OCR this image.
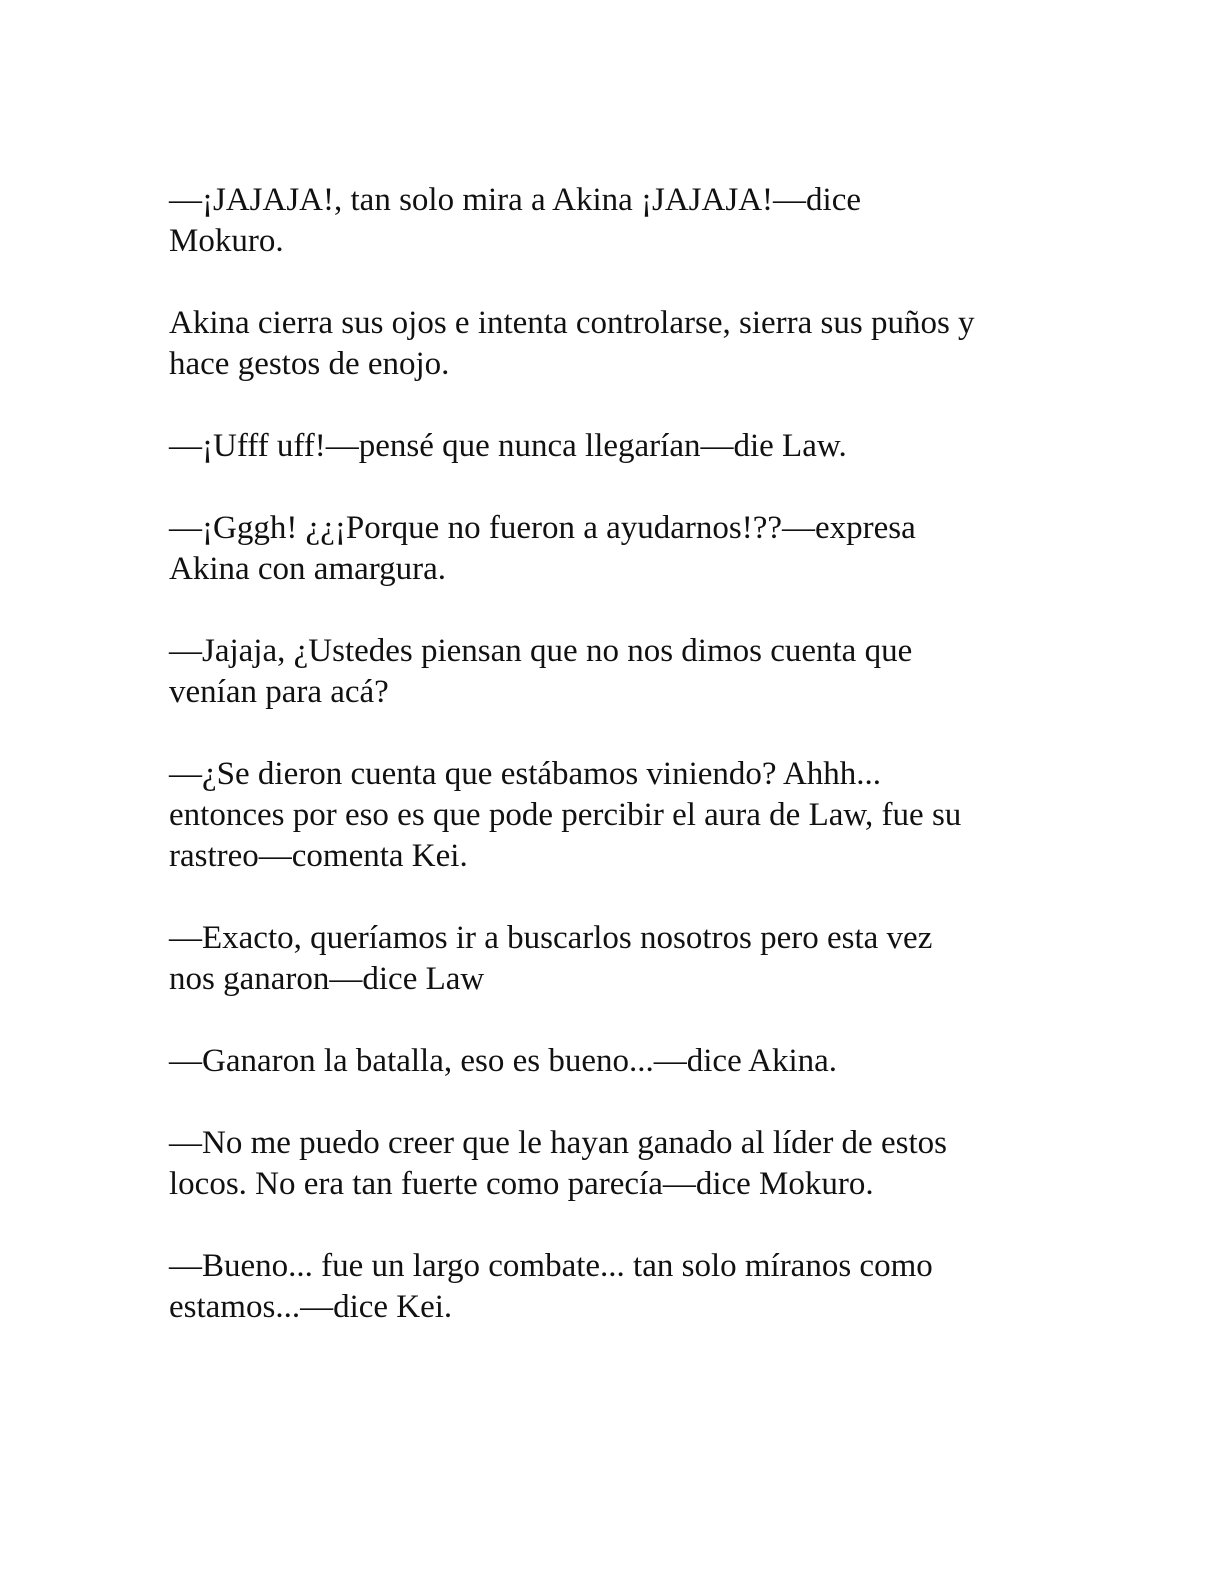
—¡JAJAJA!, tan solo mira a Akina ¡JAJAJA!—dice
Mokuro.

Akina cierra sus ojos e intenta controlarse, sierra sus puños y
hace gestos de enojo.

—¡Ufff uff!—pensé que nunca llegarían—die Law.

—¡Gggh! ¿¿¡Porque no fueron a ayudarnos!??—expresa
Akina con amargura.

—Jajaja, ¿Ustedes piensan que no nos dimos cuenta que
venían para acá?

—¿Se dieron cuenta que estábamos viniendo? Ahhh...
entonces por eso es que pode percibir el aura de Law, fue su
rastreo—comenta Kei.

—Exacto, queríamos ir a buscarlos nosotros pero esta vez
nos ganaron—dice Law

—Ganaron la batalla, eso es bueno...—dice Akina.

—No me puedo creer que le hayan ganado al líder de estos
locos. No era tan fuerte como parecía—dice Mokuro.

—Bueno... fue un largo combate... tan solo míranos como
estamos...—dice Kei.
